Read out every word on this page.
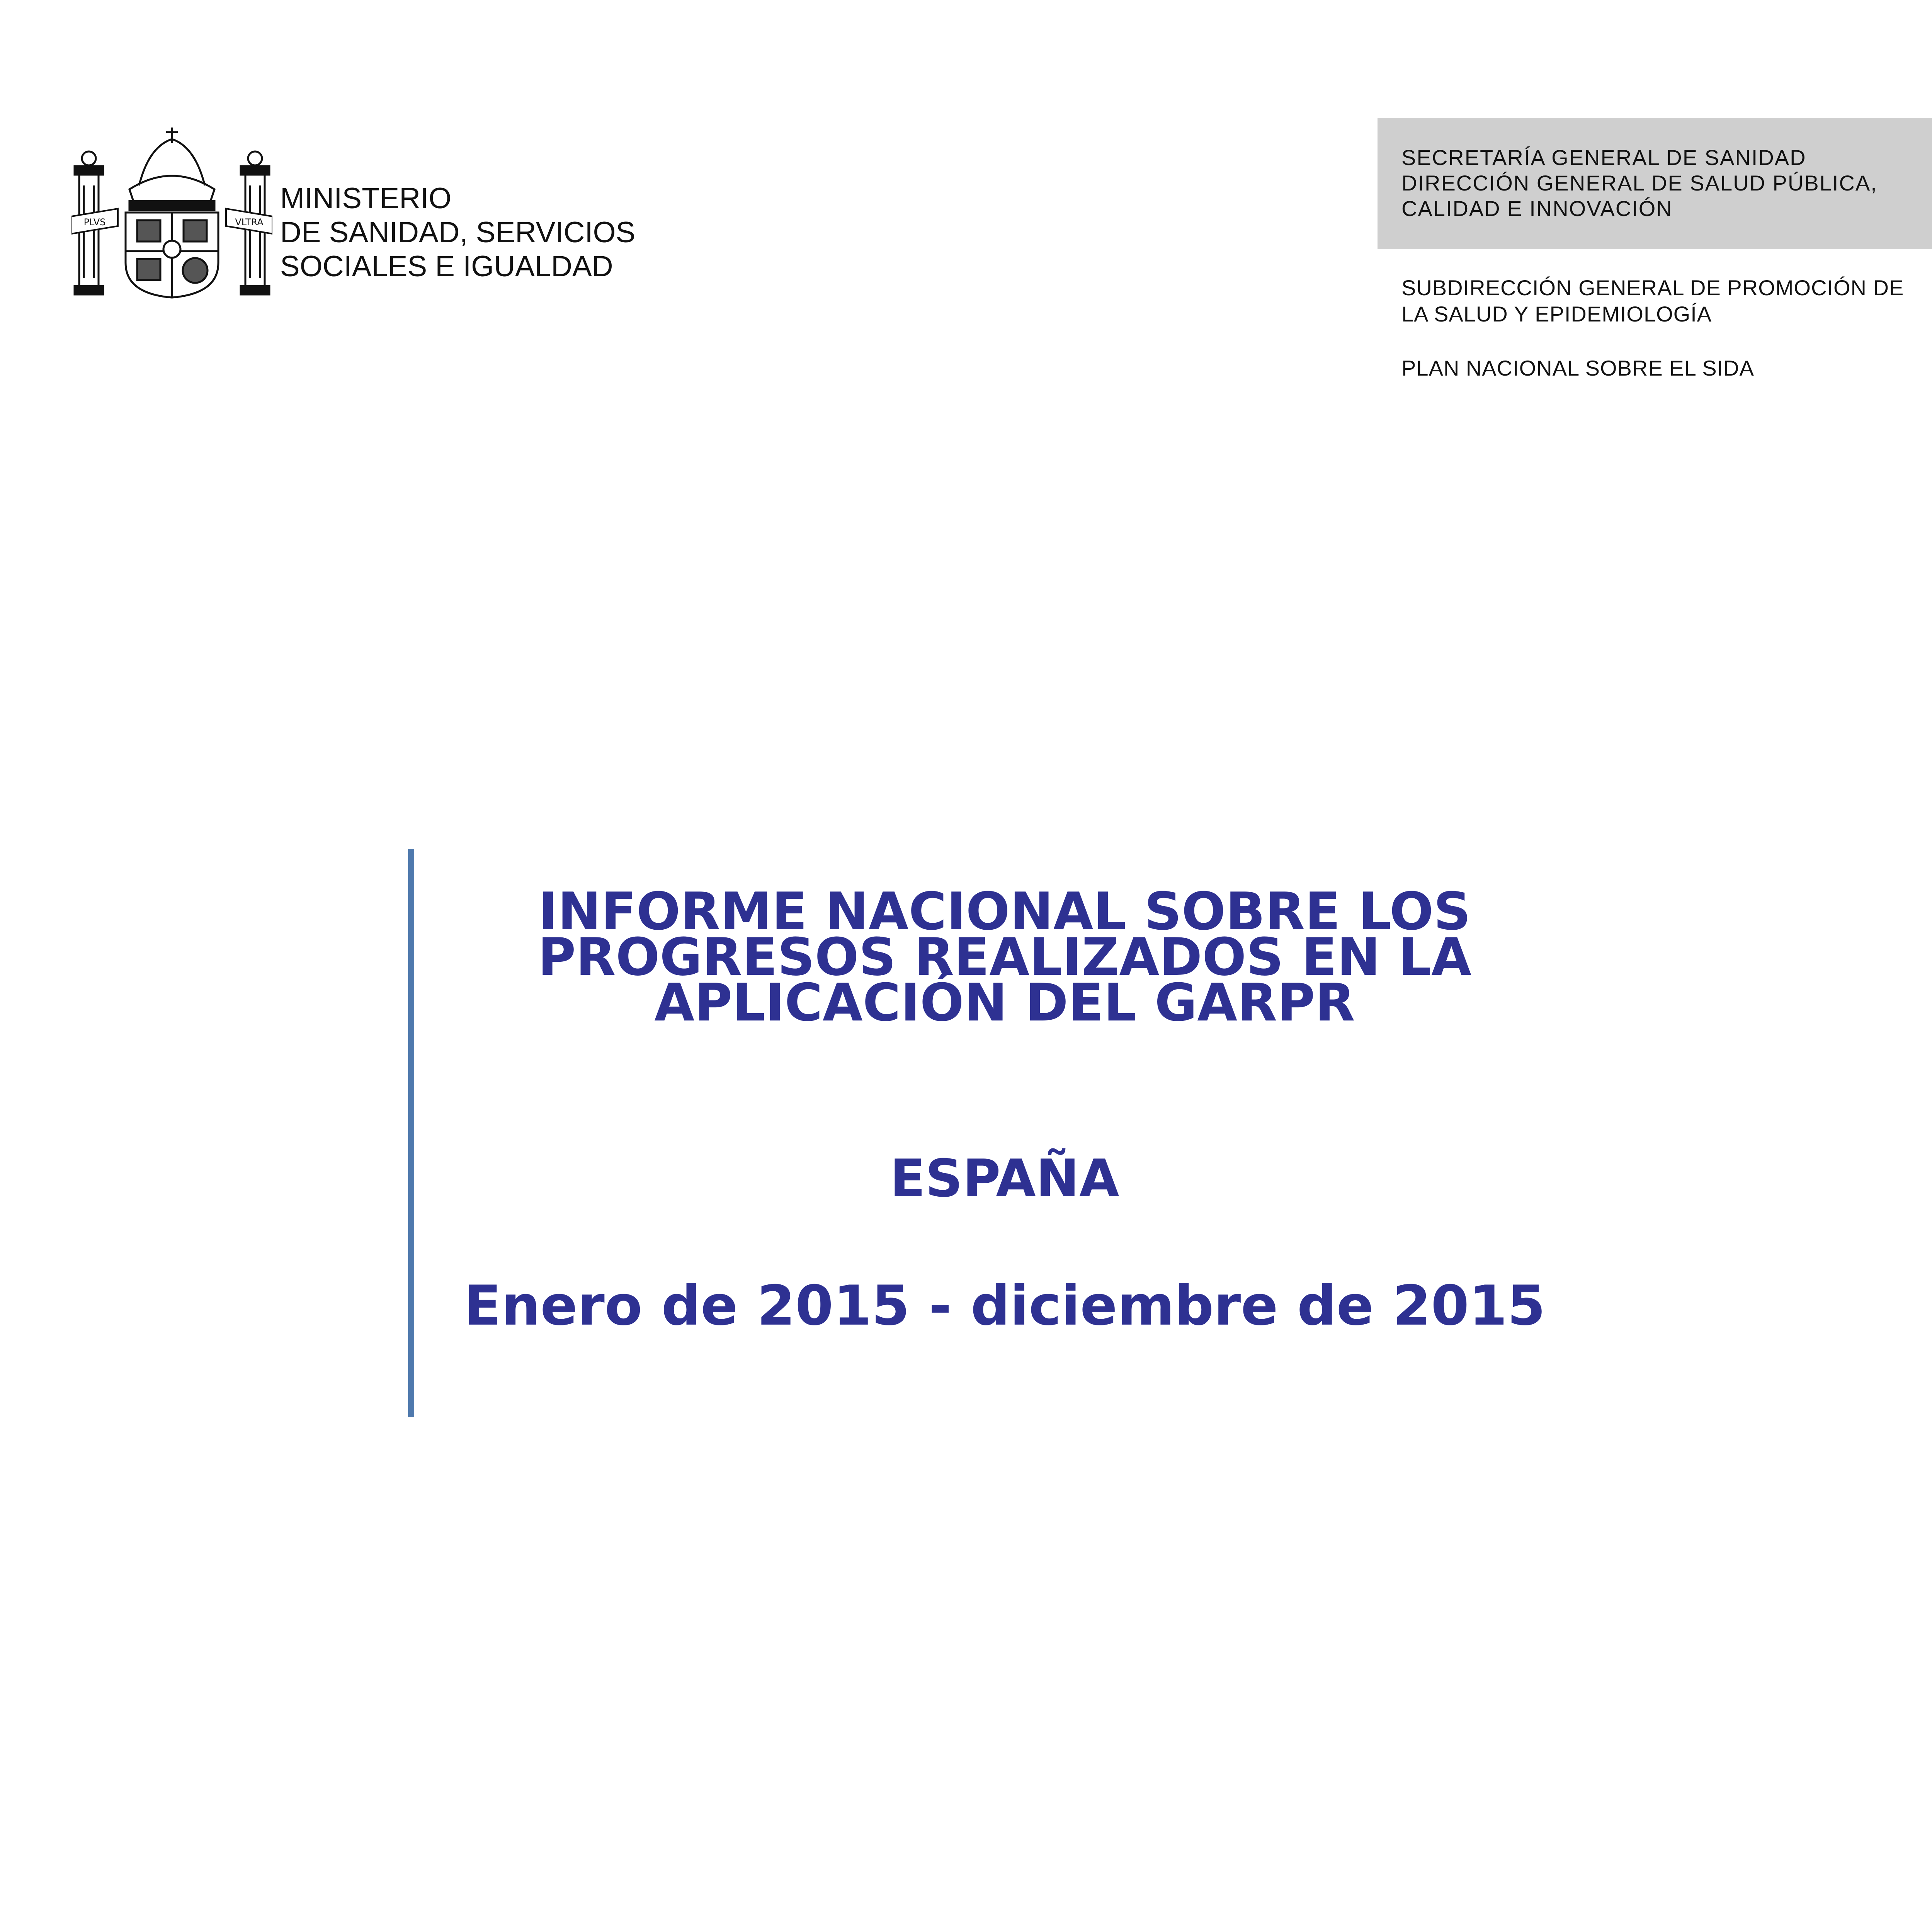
PLVS	VLTRA
MINISTERIO
DE SANIDAD, SERVICIOS
SOCIALES E IGUALDAD
SECRETARÍA GENERAL DE SANIDAD
DIRECCIÓN GENERAL DE SALUD PÚBLICA,
CALIDAD E INNOVACIÓN
SUBDIRECCIÓN GENERAL DE PROMOCIÓN DE
LA SALUD Y EPIDEMIOLOGÍA
PLAN NACIONAL SOBRE EL SIDA
INFORME NACIONAL SOBRE LOS
PROGRESOS REALIZADOS EN LA
APLICACIÓN DEL GARPR
ESPAÑA
Enero de 2015 - diciembre de 2015
